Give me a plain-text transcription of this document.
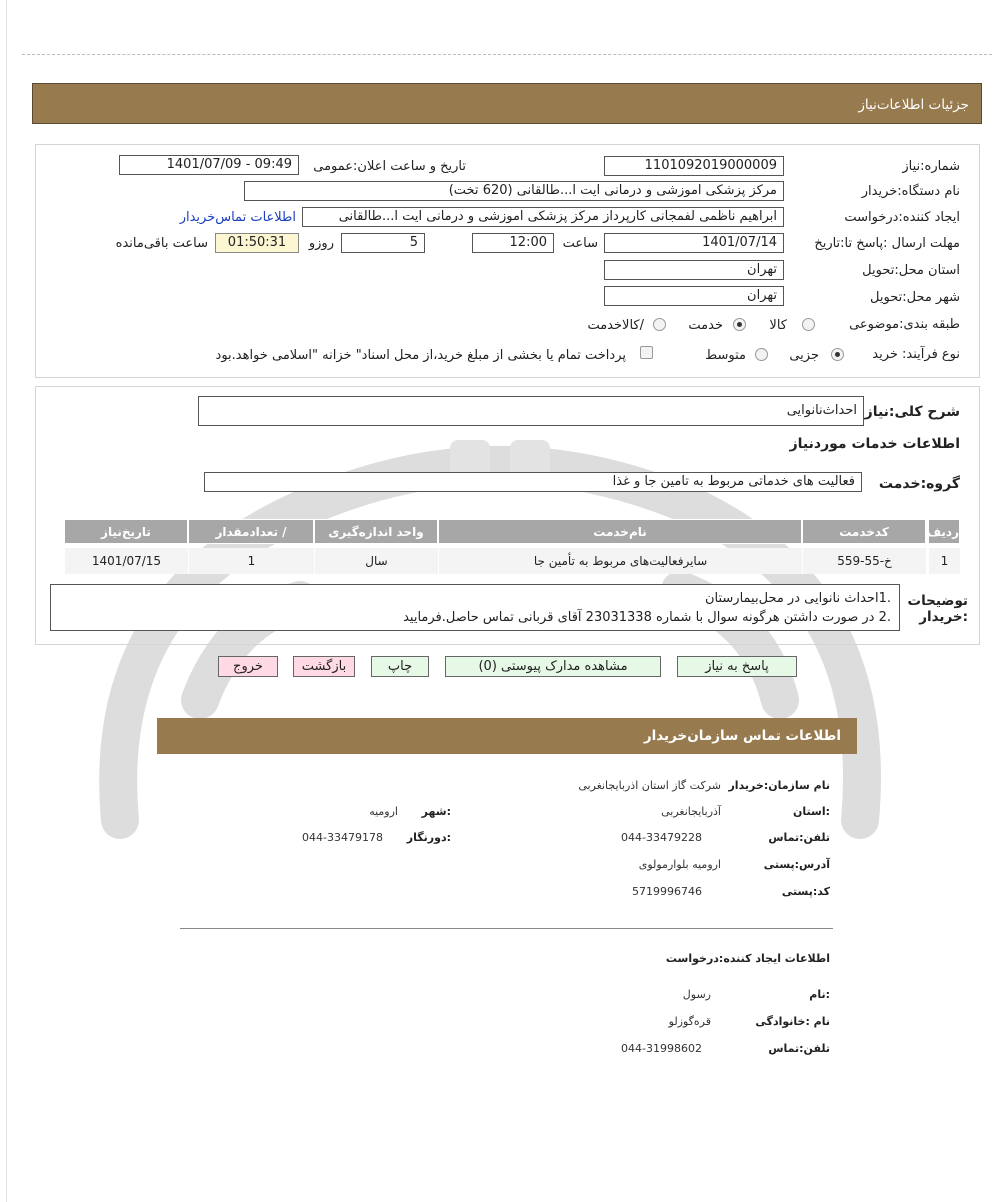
جزئیات اطلاعات‌نیاز
شماره:نیاز
1101092019000009
تاریخ و ساعت اعلان:عمومی
1401/07/09 - 09:49
نام دستگاه:خریدار
مرکز پزشکی اموزشی و درمانی ایت ا...طالقانی (620 تخت)
ایجاد کننده:درخواست
ابراهیم ناظمی لفمجانی کارپرداز مرکز پزشکی اموزشی و درمانی ایت ا...طالقانی
اطلاعات تماس‌خریدار
مهلت ارسال :پاسخ تا:تاریخ
1401/07/14
ساعت
12:00
5
روزو
01:50:31
ساعت باقی‌مانده
استان محل:تحویل
تهران
شهر محل:تحویل
تهران
طبقه بندی:موضوعی
کالا
خدمت
/کالاخدمت
نوع فرآیند: خرید
جزیی
متوسط
پرداخت تمام یا بخشی از مبلغ خرید،از محل اسناد" خزانه "اسلامی خواهد.بود
شرح کلی:نیاز
احداث‌نانوایی
اطلاعات خدمات موردنیاز
گروه:خدمت
فعالیت های خدماتی مربوط به تامین جا و غذا
ردیف
کدخدمت
نام‌خدمت
واحد اندازه‌گیری
/ تعدادمقدار
تاریخ‌نیاز
1
خ-55-559
سایرفعالیت‌های مربوط به تأمین جا
سال
1
1401/07/15
توضیحات :خریدار
.1احداث نانوایی در محل‌بیمارستان
.2 در صورت داشتن هرگونه سوال با شماره 23031338 آقای قربانی تماس حاصل.فرمایید
پاسخ به نیاز
مشاهده مدارک پیوستی (0)
چاپ
بازگشت
خروج
اطلاعات تماس سازمان‌خریدار
نام سازمان:خریدار
شرکت گاز استان اذربایجانغربی
:استان
آذربایجانغربی
:شهر
ارومیه
تلفن:تماس
044-33479228
:دورنگار
044-33479178
آدرس:پستی
ارومیه بلوارمولوی
کد:پستی
5719996746
اطلاعات ایجاد کننده:درخواست
:نام
رسول
نام :خانوادگی
قره‌گوزلو
تلفن:تماس
044-31998602
